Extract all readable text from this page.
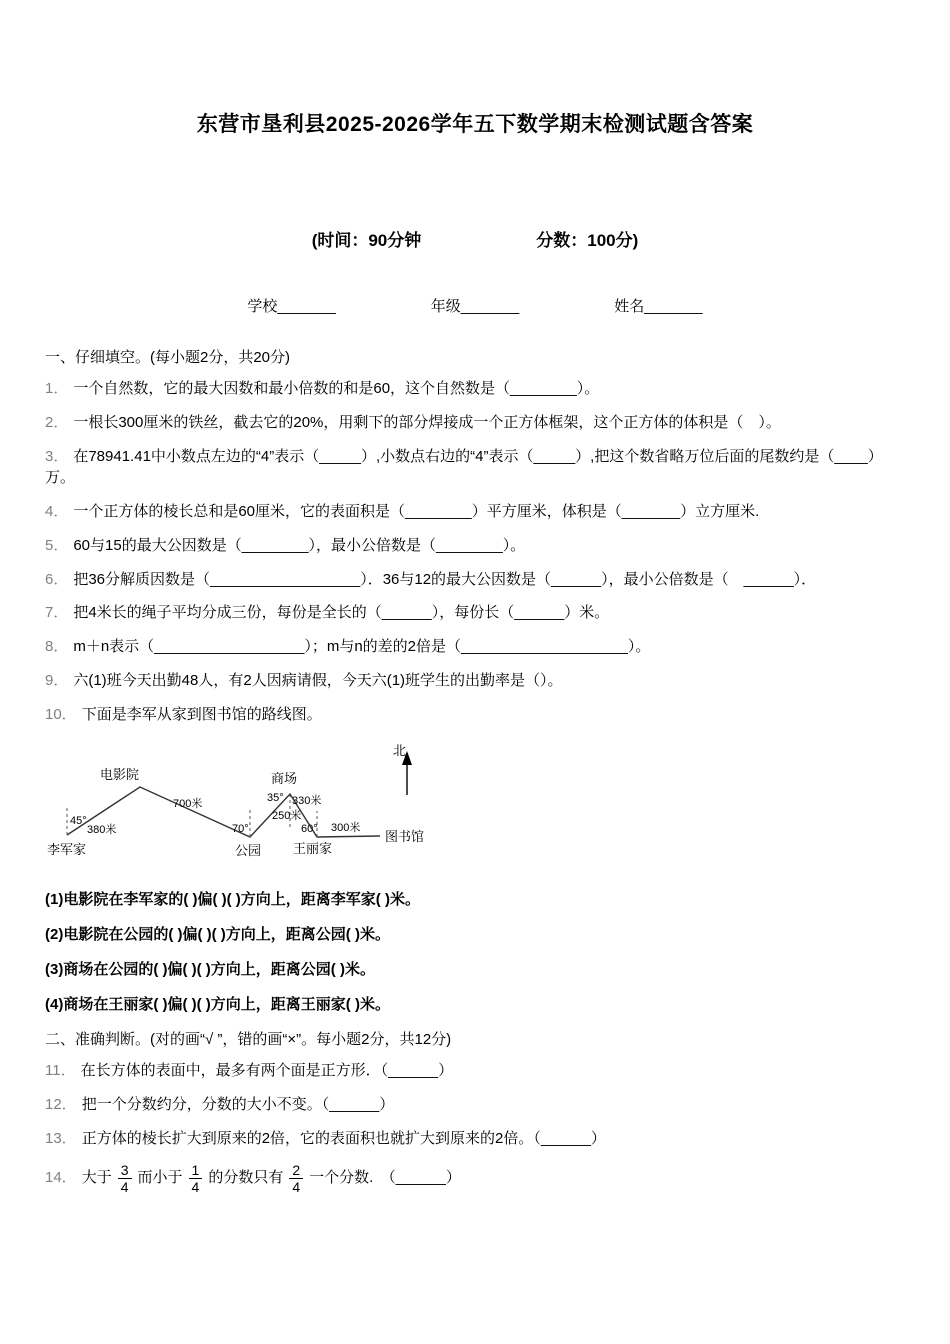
东营市垦利县2025-2026学年五下数学期末检测试题含答案
(时间：90分钟	分数：100分)
学校_______	年级_______	姓名_______

一、仔细填空。(每小题2分，共20分)

1． 一个自然数，它的最大因数和最小倍数的和是60，这个自然数是（________）。

2． 一根长300厘米的铁丝，截去它的20%，用剩下的部分焊接成一个正方体框架，这个正方体的体积是（　）。

3． 在78941.41中小数点左边的“4”表示（_____）,小数点右边的“4”表示（_____）,把这个数省略万位后面的尾数约是（____）万。

4． 一个正方体的棱长总和是60厘米，它的表面积是（________）平方厘米，体积是（_______）立方厘米.

5． 60与15的最大公因数是（________），最小公倍数是（________）。

6． 把36分解质因数是（__________________）．36与12的最大公因数是（______），最小公倍数是（　______）．

7． 把4米长的绳子平均分成三份，每份是全长的（______），每份长（______）米。

8． m＋n表示（__________________）；m与n的差的2倍是（____________________）。

9． 六(1)班今天出勤48人，有2人因病请假，今天六(1)班学生的出勤率是（）。

10． 下面是李军从家到图书馆的路线图。

北
电影院	商场
李军家	公园 王丽家
图书馆
700米
380米
330米
250米
300米
45°
35°
70°	60°

(1)电影院在李军家的( )偏( )( )方向上，距离李军家( )米。

(2)电影院在公园的( )偏( )( )方向上，距离公园( )米。

(3)商场在公园的( )偏( )( )方向上，距离公园( )米。

(4)商场在王丽家( )偏( )( )方向上，距离王丽家( )米。

二、准确判断。(对的画“√ ”，错的画“×”。每小题2分，共12分)

11． 在长方体的表面中，最多有两个面是正方形．（______）

12． 把一个分数约分，分数的大小不变。（______）

13． 正方体的棱长扩大到原来的2倍，它的表面积也就扩大到原来的2倍。（______）

14． 大于 $\frac{3}{4}$ 而小于 $\frac{1}{4}$ 的分数只有 $\frac{2}{4}$ 一个分数.　（______）
